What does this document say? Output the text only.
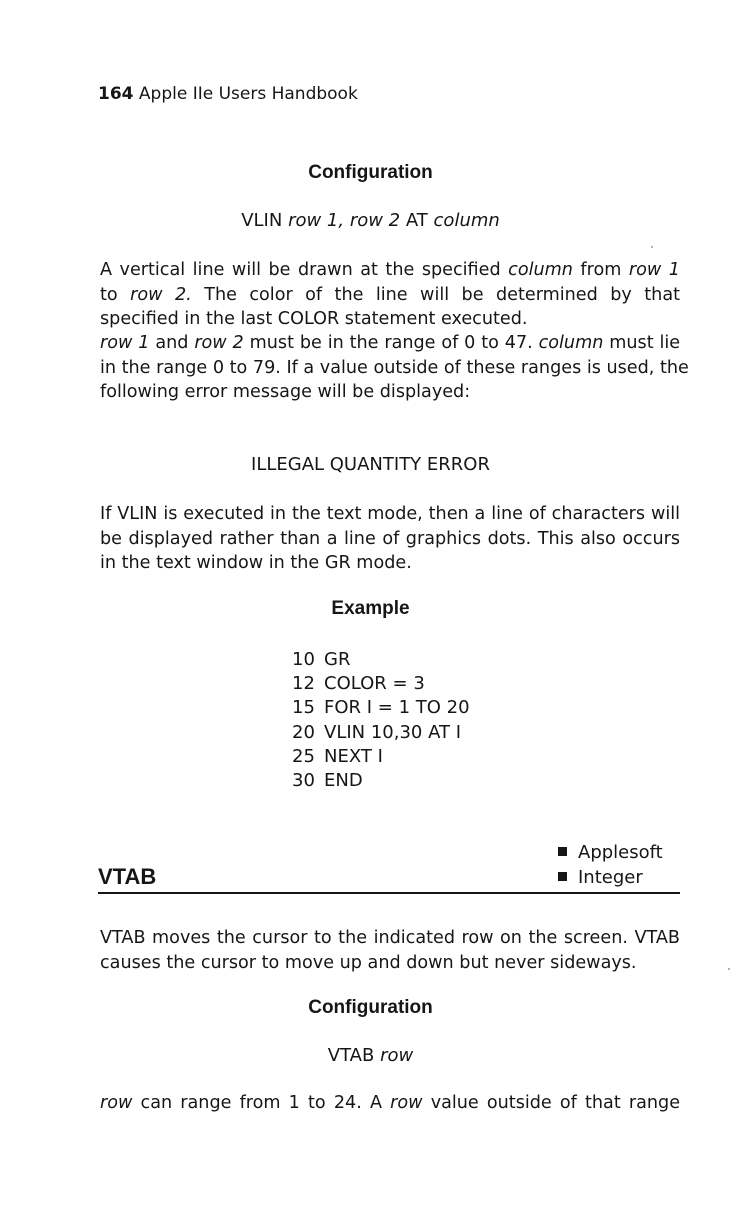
164 Apple IIe Users Handbook
Configuration
VLIN row 1, row 2 AT column
A vertical line will be drawn at the specified column from row 1
to row 2. The color of the line will be determined by that
specified in the last COLOR statement executed.
row 1 and row 2 must be in the range of 0 to 47. column must lie
in the range 0 to 79. If a value outside of these ranges is used, the
following error message will be displayed:
ILLEGAL QUANTITY ERROR
If VLIN is executed in the text mode, then a line of characters will
be displayed rather than a line of graphics dots. This also occurs
in the text window in the GR mode.
Example
10 GR
12 COLOR = 3
15 FOR I = 1 TO 20
20 VLIN 10,30 AT I
25 NEXT I
30 END
Applesoft
Integer
VTAB
VTAB moves the cursor to the indicated row on the screen. VTAB
causes the cursor to move up and down but never sideways.
Configuration
VTAB row
row can range from 1 to 24. A row value outside of that range
